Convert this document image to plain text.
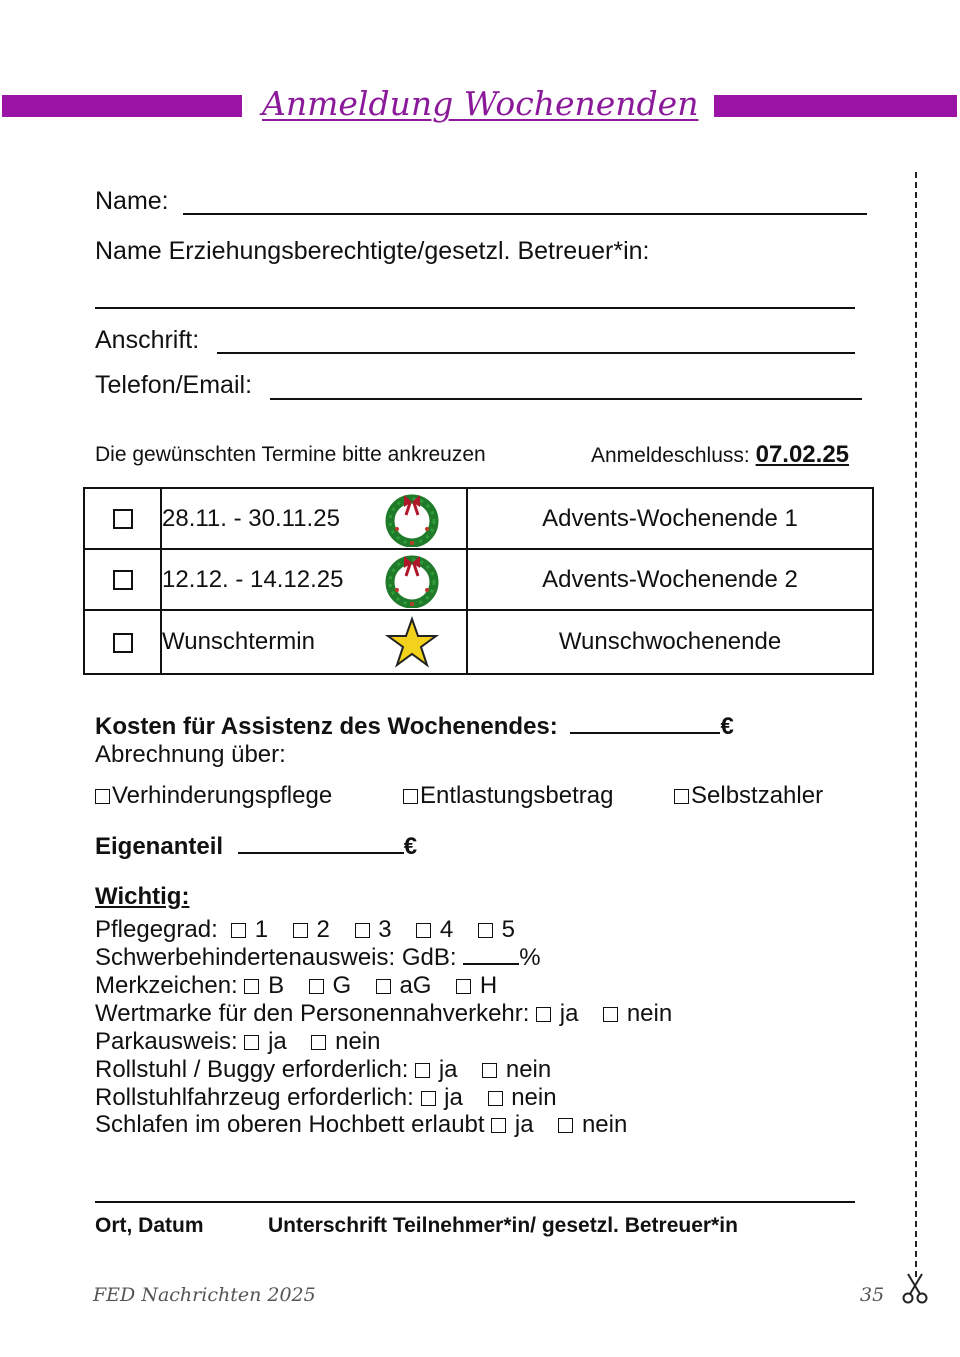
Anmeldung Wochenenden
Name:
Name Erziehungsberechtigte/gesetzl. Betreuer*in:
Anschrift:
Telefon/Email:
Die gewünschten Termine bitte ankreuzen	Anmeldeschluss: 07.02.25
	28.11. - 30.11.25	Advents-Wochenende 1
	12.12. - 14.12.25	Advents-Wochenende 2
	Wunschtermin	Wunschwochenende
Kosten für Assistenz des Wochenendes:	€
Abrechnung über:
Verhinderungspflege	Entlastungsbetrag	Selbstzahler
Eigenanteil	€
Wichtig:
Pflegegrad: 1 2 3 4 5
Schwerbehindertenausweis: GdB:	%
Merkzeichen: B G aG H
Wertmarke für den Personennahverkehr: ja nein
Parkausweis: ja nein
Rollstuhl / Buggy erforderlich: ja nein
Rollstuhlfahrzeug erforderlich: ja nein
Schlafen im oberen Hochbett erlaubt ja nein
Ort, Datum	Unterschrift Teilnehmer*in/ gesetzl. Betreuer*in
FED Nachrichten 2025	35
